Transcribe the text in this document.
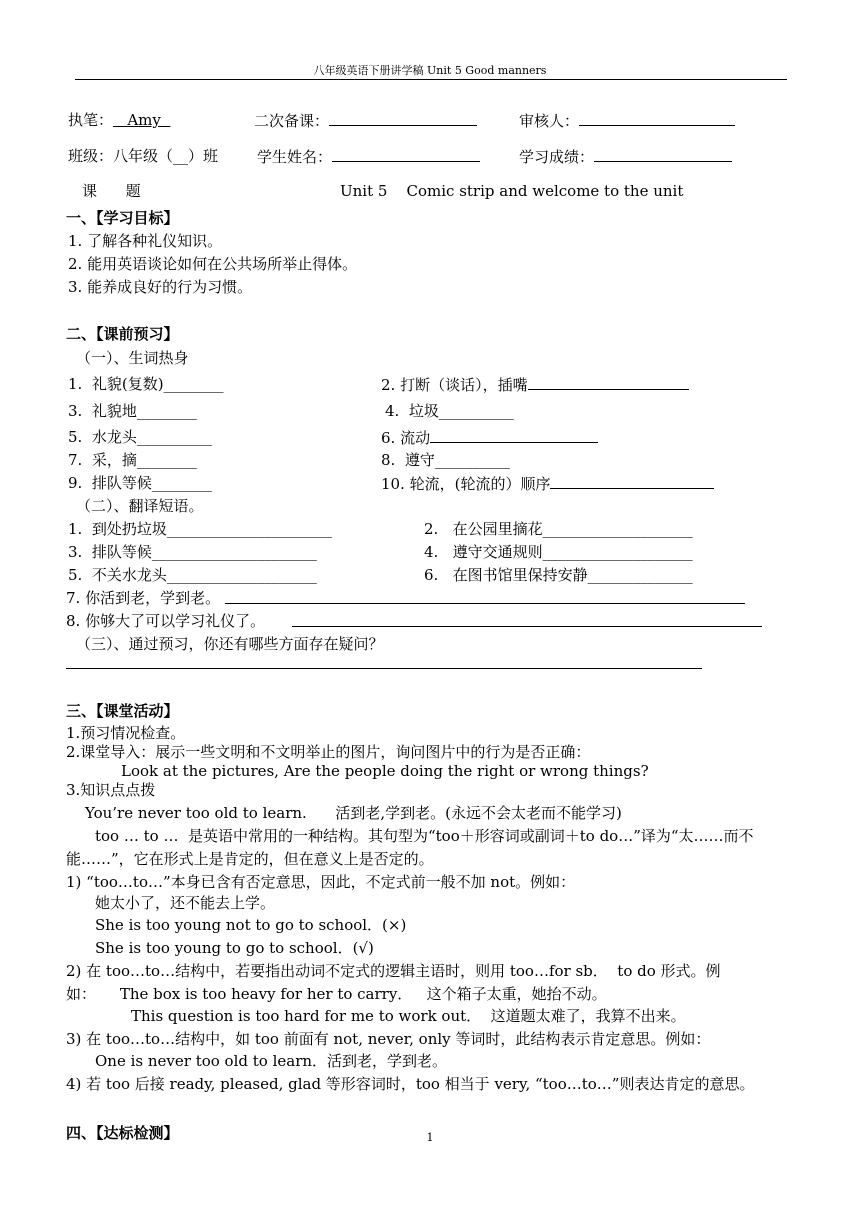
八年级英语下册讲学稿 Unit 5 Good manners
执笔：   Amy	二次备课：	审核人：
班级：八年级（__）班	学生姓名：	学习成绩：
课      题	Unit 5    Comic strip and welcome to the unit
一、【学习目标】
1. 了解各种礼仪知识。
2. 能用英语谈论如何在公共场所举止得体。
3. 能养成良好的行为习惯。
二、【课前预习】
（一）、生词热身
1.  礼貌(复数)________	2. 打断（谈话），插嘴
3.  礼貌地________	4.  垃圾__________
5.  水龙头__________	6. 流动
7.  采，摘________	8.  遵守__________
9.  排队等候________	10. 轮流，(轮流的）顺序
（二）、翻译短语。
1.  到处扔垃圾______________________	2.   在公园里摘花____________________
3.  排队等候______________________	4.   遵守交通规则____________________
5.  不关水龙头____________________	6.   在图书馆里保持安静______________
7. 你活到老，学到老。
8. 你够大了可以学习礼仪了。
（三）、通过预习，你还有哪些方面存在疑问？
三、【课堂活动】
1.预习情况检查。
2.课堂导入：展示一些文明和不文明举止的图片，询问图片中的行为是否正确：
Look at the pictures, Are the people doing the right or wrong things?
3.知识点点拨
You’re never too old to learn.      活到老,学到老。(永远不会太老而不能学习)
too … to …  是英语中常用的一种结构。其句型为“too＋形容词或副词＋to do…”译为“太……而不
能……”，它在形式上是肯定的，但在意义上是否定的。
1) “too…to…”本身已含有否定意思，因此，不定式前一般不加 not。例如：
她太小了，还不能去上学。
She is too young not to go to school．(×)
She is too young to go to school．(√)
2) 在 too…to…结构中，若要指出动词不定式的逻辑主语时，则用 too…for sb．  to do 形式。例
如：     The box is too heavy for her to carry．   这个箱子太重，她抬不动。
This question is too hard for me to work out．  这道题太难了，我算不出来。
3) 在 too…to…结构中，如 too 前面有 not, never, only 等词时，此结构表示肯定意思。例如：
One is never too old to learn．活到老，学到老。
4) 若 too 后接 ready, pleased, glad 等形容词时，too 相当于 very, “too…to…”则表达肯定的意思。
四、【达标检测】	1
